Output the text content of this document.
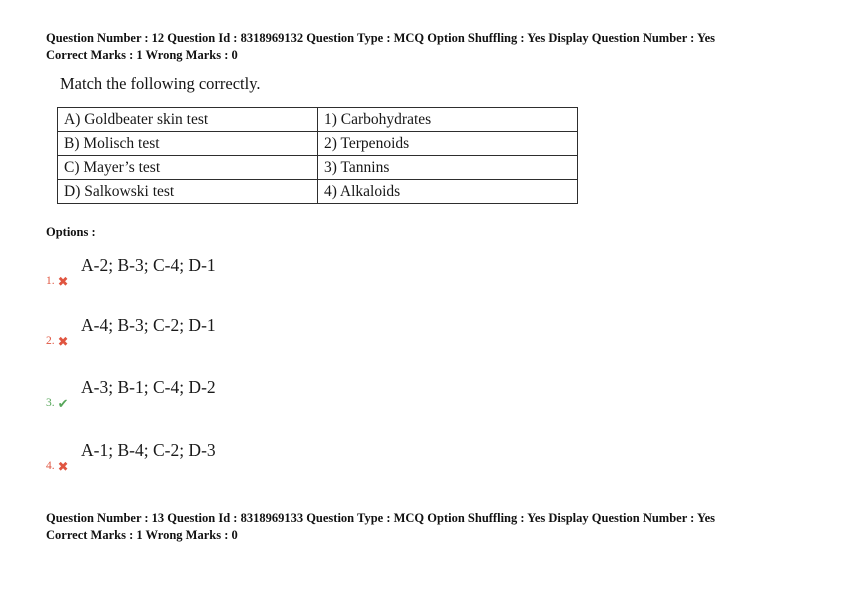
Question Number : 12 Question Id : 8318969132 Question Type : MCQ Option Shuffling : Yes Display Question Number : Yes
Correct Marks : 1 Wrong Marks : 0
Match the following correctly.
A) Goldbeater skin test	1) Carbohydrates
B) Molisch test	2) Terpenoids
C) Mayer’s test	3) Tannins
D) Salkowski test	4) Alkaloids
Options :
A-2; B-3; C-4; D-1
1. ✖
A-4; B-3; C-2; D-1
2. ✖
A-3; B-1; C-4; D-2
3. ✔
A-1; B-4; C-2; D-3
4. ✖
Question Number : 13 Question Id : 8318969133 Question Type : MCQ Option Shuffling : Yes Display Question Number : Yes
Correct Marks : 1 Wrong Marks : 0
